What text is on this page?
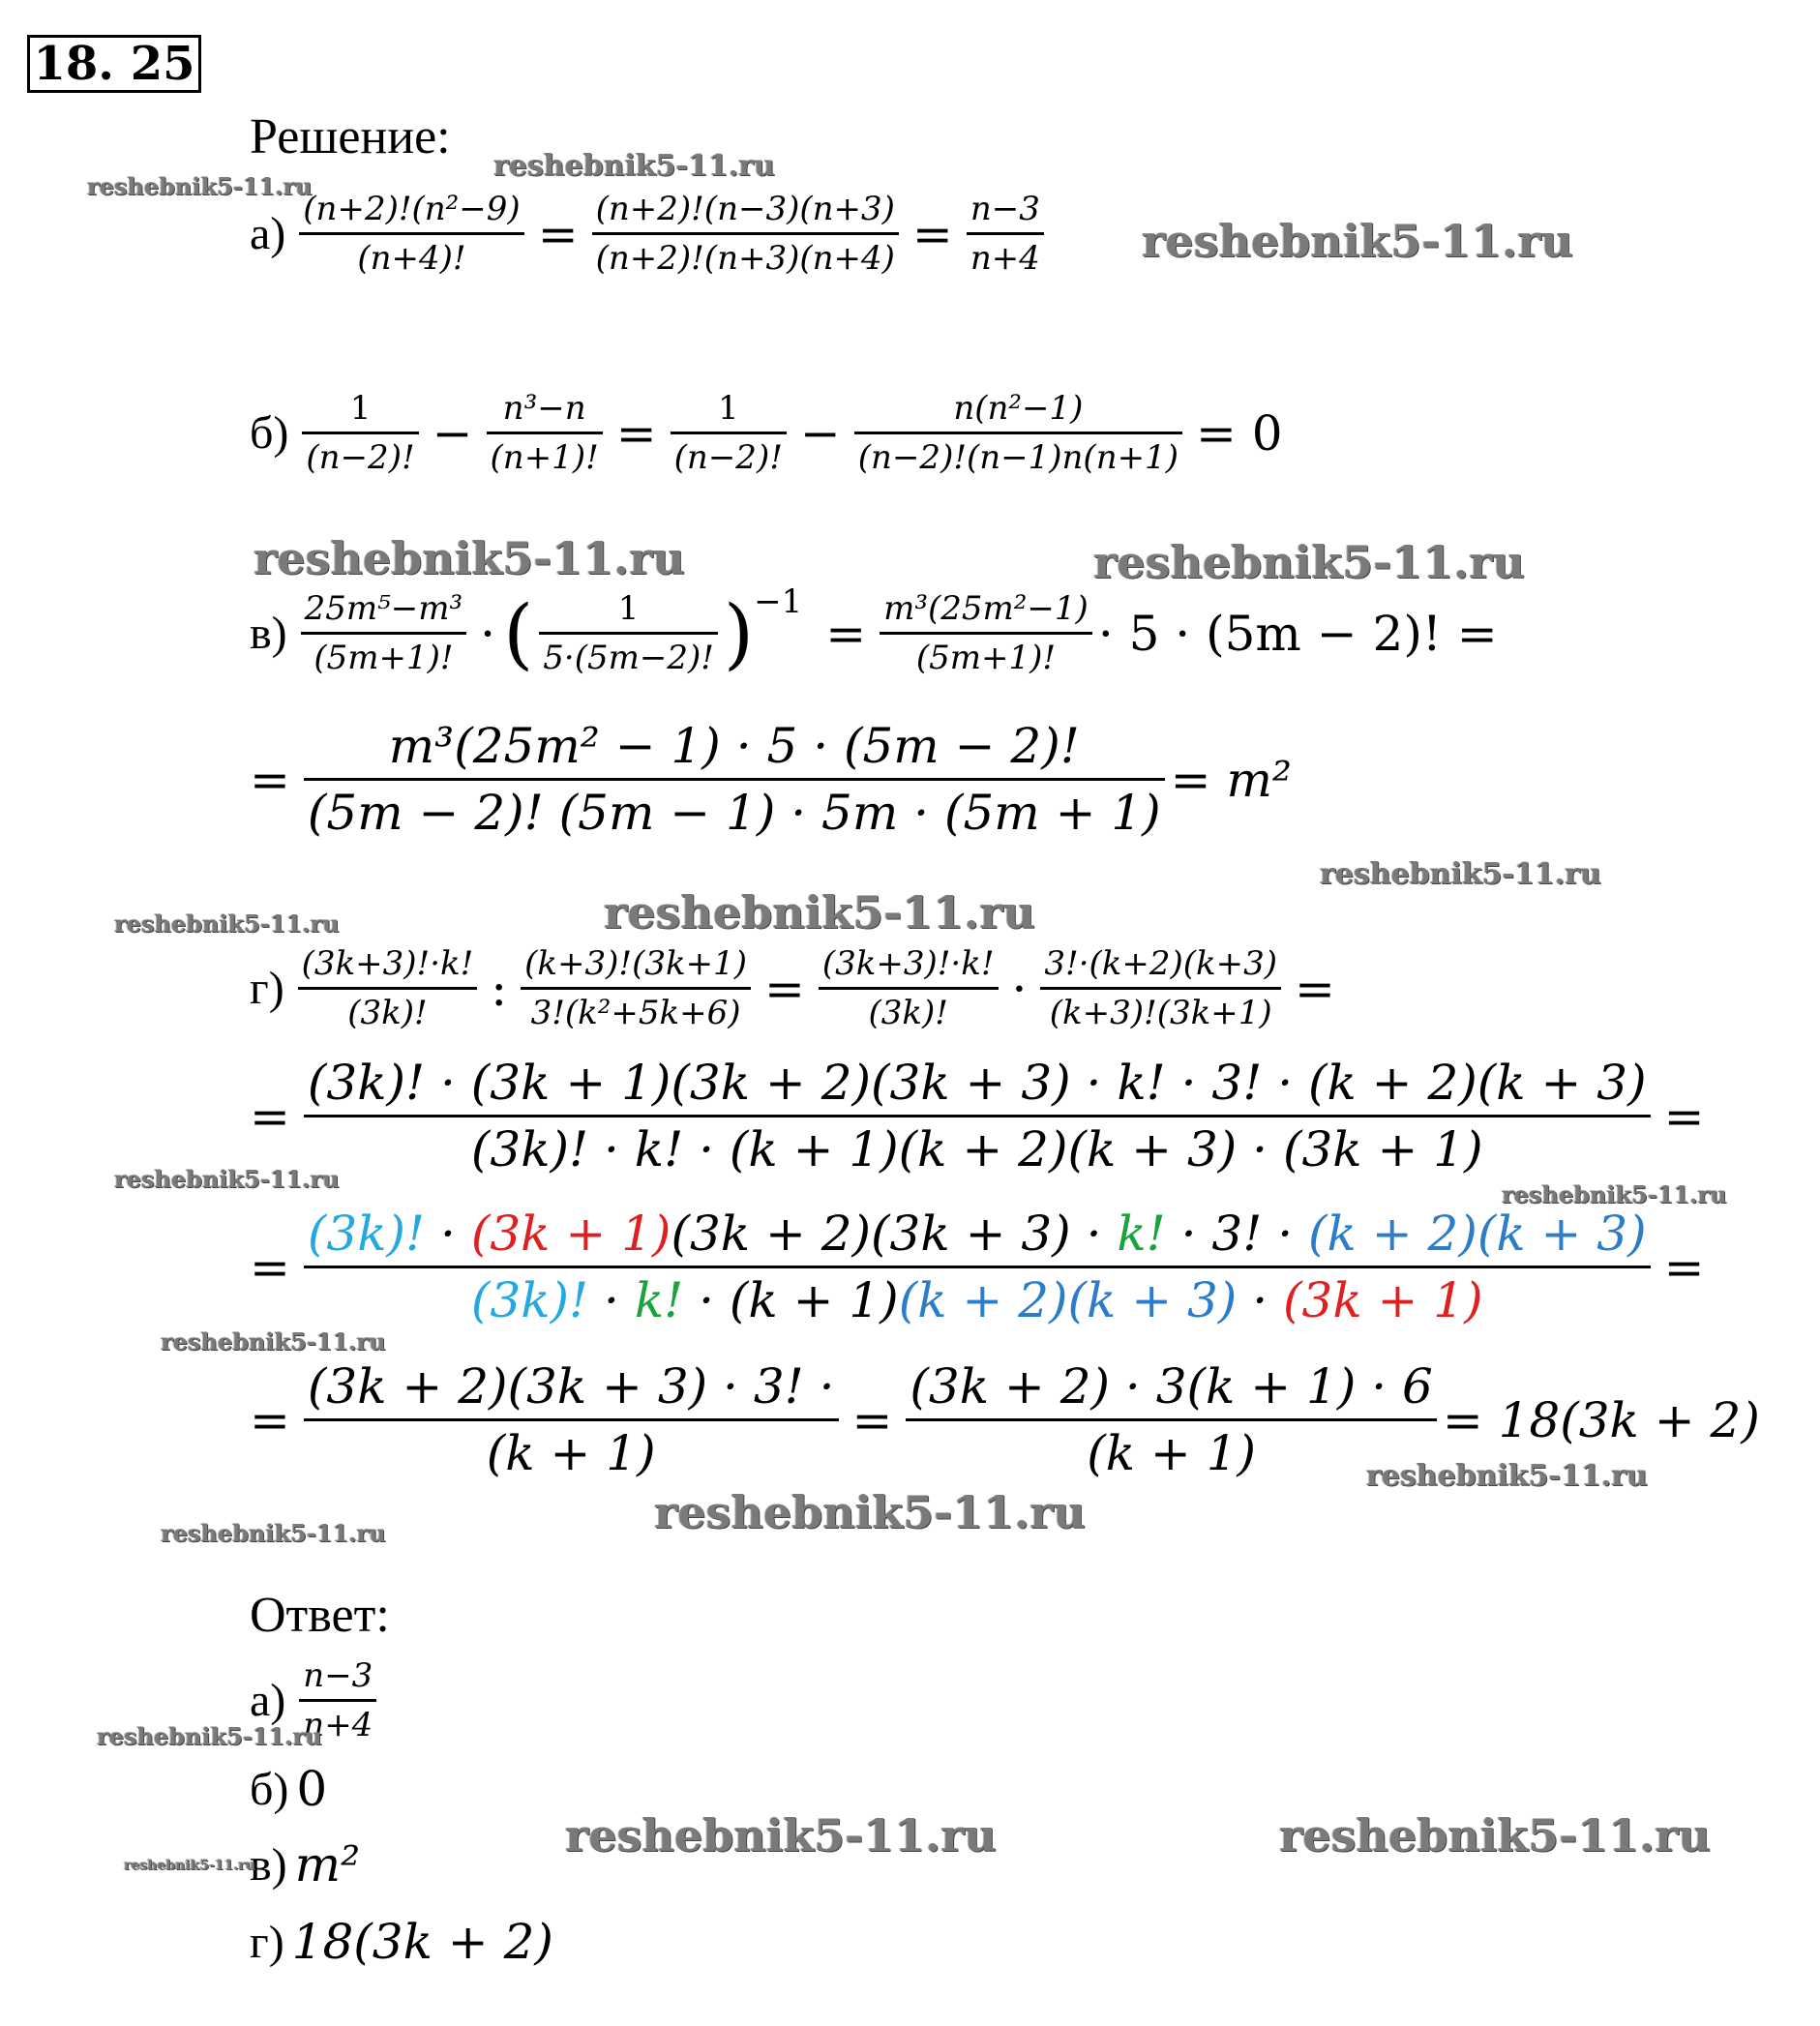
18. 25
Решение:
$а) \frac{\text{(n+2)!(n²−9)}}{(n+4)!} = \frac{(n+2)!(n-3)(n+3)}{(n+2)!(n+3)(n+4)} = \frac{n-3}{n+4}$
$б) \frac{1}{(n-2)!} - \frac{\text{n³−n}}{(n+1)!} = \frac{1}{(n-2)!} - \frac{\text{n(n²−1)}}{(n-2)!(n-1)n(n+1)} = 0$
$в) \frac{\text{25m⁵−m³}}{(5m+1)!}$ · ( $\frac{1}{5\cdot(5m-2)!}$ ) −1
= $\frac{\text{m³(25m²−1)}}{(5m+1)!} \cdot 5 \cdot (5m - 2)$! =
= $\frac{\text{m³(25m² − 1) · 5 · (5m − 2)!}}{(5m - 2)! (5m - 1) \cdot 5m \cdot (5m + 1)} = m^2$
$г) \frac{(3k+3)!\cdot k!}{(3k)!}$ : $\frac{(k+3)!(3k+1)}{\text{3!(k²+5k+6)}} = \frac{(3k+3)!\cdot k!}{(3k)!} \cdot \frac{3!\cdot(k+2)(k+3)}{(k+3)!(3k+1)}$ =
= $\frac{(3k)! \cdot (3k + 1)(3k + 2)(3k + 3) \cdot k! \cdot 3! \cdot (k + 2)(k + 3)}{(3k)! \cdot k! \cdot (k + 1)(k + 2)(k + 3) \cdot (3k + 1)}$ =
= $\frac{(3k)! \cdot (3k + 1)(3k + 2)(3k + 3) \cdot k! \cdot 3! \cdot (k + 2)(k + 3)}{(3k)! \cdot k! \cdot (k + 1)(k + 2)(k + 3) \cdot (3k + 1)}$ =
= $\frac{(3k + 2)(3k + 3) \cdot 3! \cdot}{(k + 1)} = \frac{(3k + 2) \cdot 3(k + 1) \cdot 6}{(k + 1)} = 18(3k + 2)$
Ответ:
$а) \frac{n-3}{n+4}$
б) 0
в) m²
г) 18(3k + 2)
reshebnik5-11.ru
reshebnik5-11.ru
reshebnik5-11.ru
reshebnik5-11.ru	reshebnik5-11.ru
reshebnik5-11.ru
reshebnik5-11.ru	reshebnik5-11.ru
reshebnik5-11.ru
reshebnik5-11.ru
reshebnik5-11.ru
reshebnik5-11.ru
reshebnik5-11.ru
reshebnik5-11.ru
reshebnik5-11.ru
reshebnik5-11.ru	reshebnik5-11.ru
reshebnik5-11.ru
